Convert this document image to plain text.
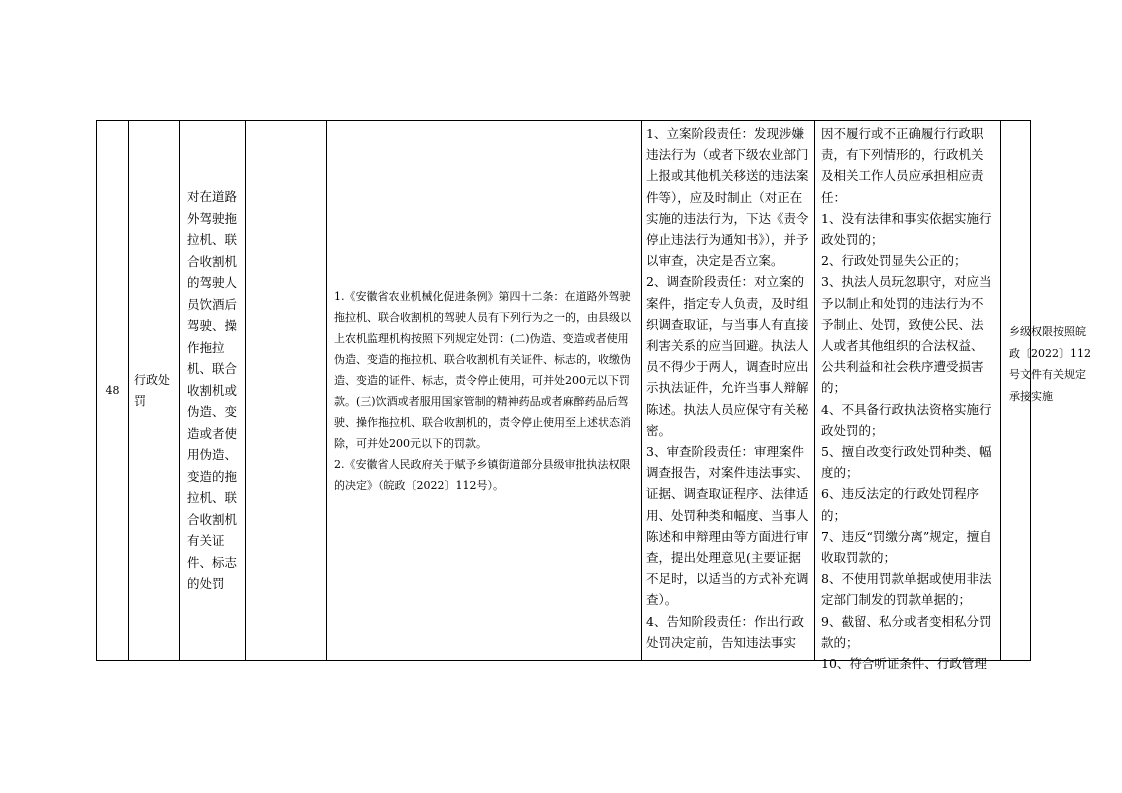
48
行政处罚
对在道路外驾驶拖拉机、联合收割机的驾驶人员饮酒后驾驶、操作拖拉机、联合收割机或伪造、变造或者使用伪造、变造的拖拉机、联合收割机有关证件、标志的处罚

1.《安徽省农业机械化促进条例》第四十二条：在道路外驾驶拖拉机、联合收割机的驾驶人员有下列行为之一的，由县级以上农机监理机构按照下列规定处罚：(二)伪造、变造或者使用伪造、变造的拖拉机、联合收割机有关证件、标志的，收缴伪造、变造的证件、标志，责令停止使用，可并处200元以下罚款。(三)饮酒或者服用国家管制的精神药品或者麻醉药品后驾驶、操作拖拉机、联合收割机的，责令停止使用至上述状态消除，可并处200元以下的罚款。

2.《安徽省人民政府关于赋予乡镇街道部分县级审批执法权限的决定》（皖政〔2022〕112号）。

1、立案阶段责任：发现涉嫌违法行为（或者下级农业部门上报或其他机关移送的违法案件等），应及时制止（对正在实施的违法行为，下达《责令停止违法行为通知书》），并予以审查，决定是否立案。

2、调查阶段责任：对立案的案件，指定专人负责，及时组织调查取证，与当事人有直接利害关系的应当回避。执法人员不得少于两人，调查时应出示执法证件，允许当事人辩解陈述。执法人员应保守有关秘密。

3、审查阶段责任：审理案件调查报告，对案件违法事实、证据、调查取证程序、法律适用、处罚种类和幅度、当事人陈述和申辩理由等方面进行审查，提出处理意见(主要证据不足时，以适当的方式补充调查）。

4、告知阶段责任：作出行政处罚决定前，告知违法事实

因不履行或不正确履行行政职责，有下列情形的，行政机关及相关工作人员应承担相应责任：

1、没有法律和事实依据实施行政处罚的；

2、行政处罚显失公正的；

3、执法人员玩忽职守，对应当予以制止和处罚的违法行为不予制止、处罚，致使公民、法人或者其他组织的合法权益、公共利益和社会秩序遭受损害的；

4、不具备行政执法资格实施行政处罚的；

5、擅自改变行政处罚种类、幅度的；

6、违反法定的行政处罚程序的；

7、违反“罚缴分离”规定，擅自收取罚款的；

8、不使用罚款单据或使用非法定部门制发的罚款单据的；

9、截留、私分或者变相私分罚款的；

10、符合听证条件、行政管理

乡级权限按照皖政〔2022〕112号文件有关规定承接实施
